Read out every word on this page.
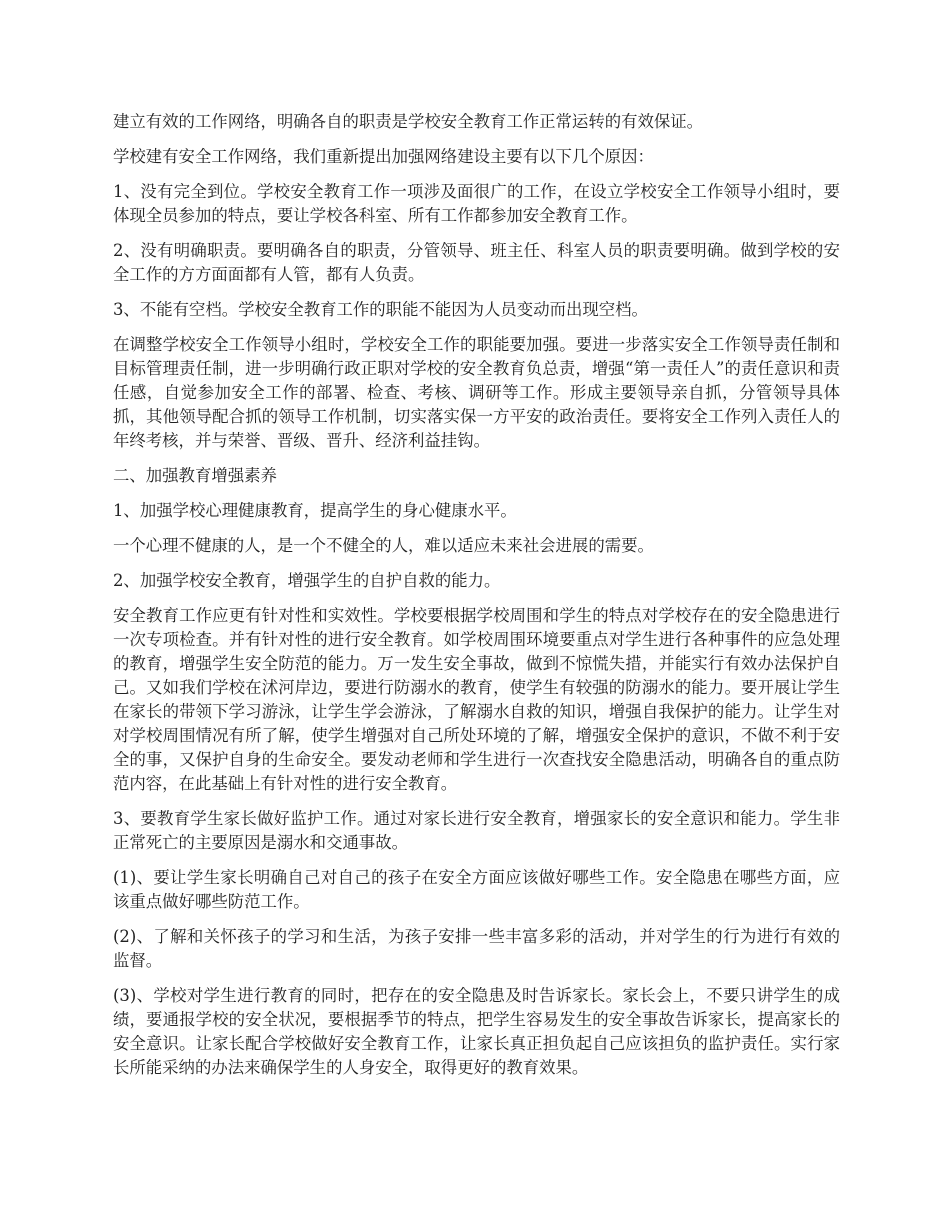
建立有效的工作网络，明确各自的职责是学校安全教育工作正常运转的有效保证。

学校建有安全工作网络，我们重新提出加强网络建设主要有以下几个原因：

1、没有完全到位。学校安全教育工作一项涉及面很广的工作，在设立学校安全工作领导小组时，要体现全员参加的特点，要让学校各科室、所有工作都参加安全教育工作。

2、没有明确职责。要明确各自的职责，分管领导、班主任、科室人员的职责要明确。做到学校的安全工作的方方面面都有人管，都有人负责。

3、不能有空档。学校安全教育工作的职能不能因为人员变动而出现空档。

在调整学校安全工作领导小组时，学校安全工作的职能要加强。要进一步落实安全工作领导责任制和目标管理责任制，进一步明确行政正职对学校的安全教育负总责，增强“第一责任人”的责任意识和责任感，自觉参加安全工作的部署、检查、考核、调研等工作。形成主要领导亲自抓，分管领导具体抓，其他领导配合抓的领导工作机制，切实落实保一方平安的政治责任。要将安全工作列入责任人的年终考核，并与荣誉、晋级、晋升、经济利益挂钩。

二、加强教育增强素养

1、加强学校心理健康教育，提高学生的身心健康水平。

一个心理不健康的人，是一个不健全的人，难以适应未来社会进展的需要。

2、加强学校安全教育，增强学生的自护自救的能力。

安全教育工作应更有针对性和实效性。学校要根据学校周围和学生的特点对学校存在的安全隐患进行一次专项检查。并有针对性的进行安全教育。如学校周围环境要重点对学生进行各种事件的应急处理的教育，增强学生安全防范的能力。万一发生安全事故，做到不惊慌失措，并能实行有效办法保护自己。又如我们学校在沭河岸边，要进行防溺水的教育，使学生有较强的防溺水的能力。要开展让学生在家长的带领下学习游泳，让学生学会游泳，了解溺水自救的知识，增强自我保护的能力。让学生对对学校周围情况有所了解，使学生增强对自己所处环境的了解，增强安全保护的意识，不做不利于安全的事，又保护自身的生命安全。要发动老师和学生进行一次查找安全隐患活动，明确各自的重点防范内容，在此基础上有针对性的进行安全教育。

3、要教育学生家长做好监护工作。通过对家长进行安全教育，增强家长的安全意识和能力。学生非正常死亡的主要原因是溺水和交通事故。

(1)、要让学生家长明确自己对自己的孩子在安全方面应该做好哪些工作。安全隐患在哪些方面，应该重点做好哪些防范工作。

(2)、了解和关怀孩子的学习和生活，为孩子安排一些丰富多彩的活动，并对学生的行为进行有效的监督。

(3)、学校对学生进行教育的同时，把存在的安全隐患及时告诉家长。家长会上，不要只讲学生的成绩，要通报学校的安全状况，要根据季节的特点，把学生容易发生的安全事故告诉家长，提高家长的安全意识。让家长配合学校做好安全教育工作，让家长真正担负起自己应该担负的监护责任。实行家长所能采纳的办法来确保学生的人身安全，取得更好的教育效果。
